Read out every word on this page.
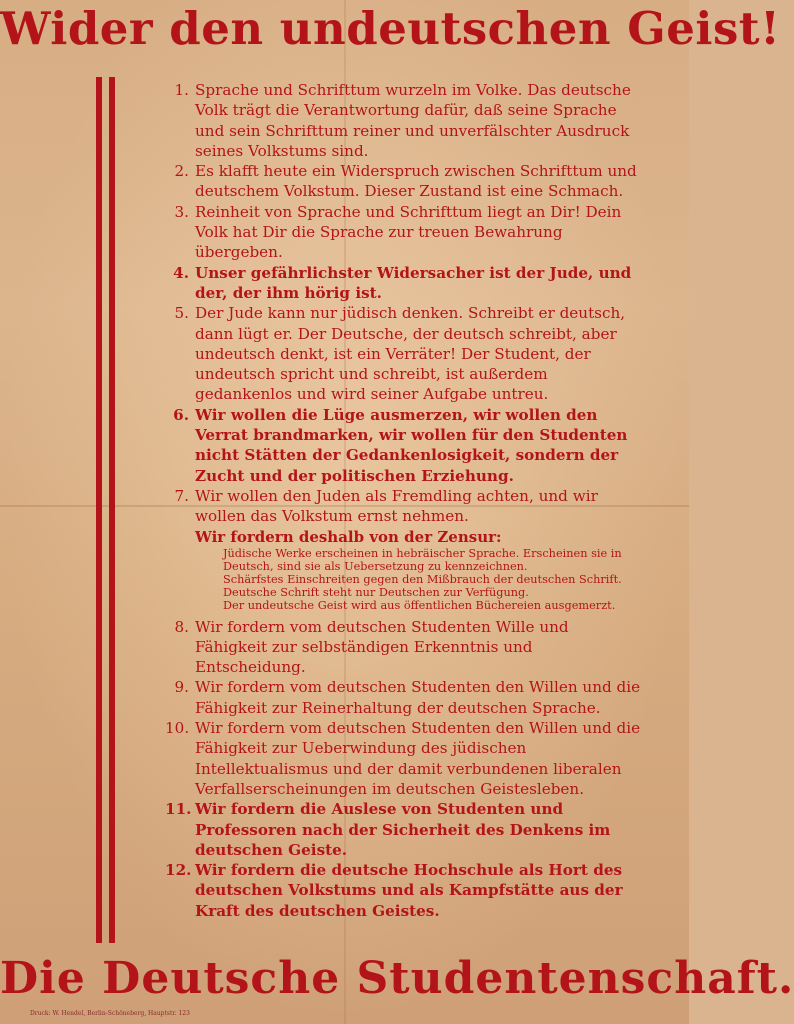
Wider den undeutschen Geist!
1. Sprache und Schrifttum wurzeln im Volke. Das deutsche Volk trägt die Verantwortung dafür, daß seine Sprache und sein Schrifttum reiner und unverfälschter Ausdruck seines Volkstums sind.
2. Es klafft heute ein Widerspruch zwischen Schrifttum und deutschem Volkstum. Dieser Zustand ist eine Schmach.
3. Reinheit von Sprache und Schrifttum liegt an Dir! Dein Volk hat Dir die Sprache zur treuen Bewahrung übergeben.
4. Unser gefährlichster Widersacher ist der Jude, und der, der ihm hörig ist.
5. Der Jude kann nur jüdisch denken. Schreibt er deutsch, dann lügt er. Der Deutsche, der deutsch schreibt, aber undeutsch denkt, ist ein Verräter! Der Student, der undeutsch spricht und schreibt, ist außerdem gedankenlos und wird seiner Aufgabe untreu.
6. Wir wollen die Lüge ausmerzen, wir wollen den Verrat brandmarken, wir wollen für den Studenten nicht Stätten der Gedankenlosigkeit, sondern der Zucht und der politischen Erziehung.
7. Wir wollen den Juden als Fremdling achten, und wir wollen das Volkstum ernst nehmen.
Wir fordern deshalb von der Zensur:
Jüdische Werke erscheinen in hebräischer Sprache. Erscheinen sie in Deutsch, sind sie als Uebersetzung zu kennzeichnen.
Schärfstes Einschreiten gegen den Mißbrauch der deutschen Schrift.
Deutsche Schrift steht nur Deutschen zur Verfügung.
Der undeutsche Geist wird aus öffentlichen Büchereien ausgemerzt.
8. Wir fordern vom deutschen Studenten Wille und Fähigkeit zur selbständigen Erkenntnis und Entscheidung.
9. Wir fordern vom deutschen Studenten den Willen und die Fähigkeit zur Reinerhaltung der deutschen Sprache.
10. Wir fordern vom deutschen Studenten den Willen und die Fähigkeit zur Ueberwindung des jüdischen Intellektualismus und der damit verbundenen liberalen Verfallserscheinungen im deutschen Geistesleben.
11. Wir fordern die Auslese von Studenten und Professoren nach der Sicherheit des Denkens im deutschen Geiste.
12. Wir fordern die deutsche Hochschule als Hort des deutschen Volkstums und als Kampfstätte aus der Kraft des deutschen Geistes.
Die Deutsche Studentenschaft.
Druck: W. Hendel, Berlin-Schöneberg, Hauptstr. 123
